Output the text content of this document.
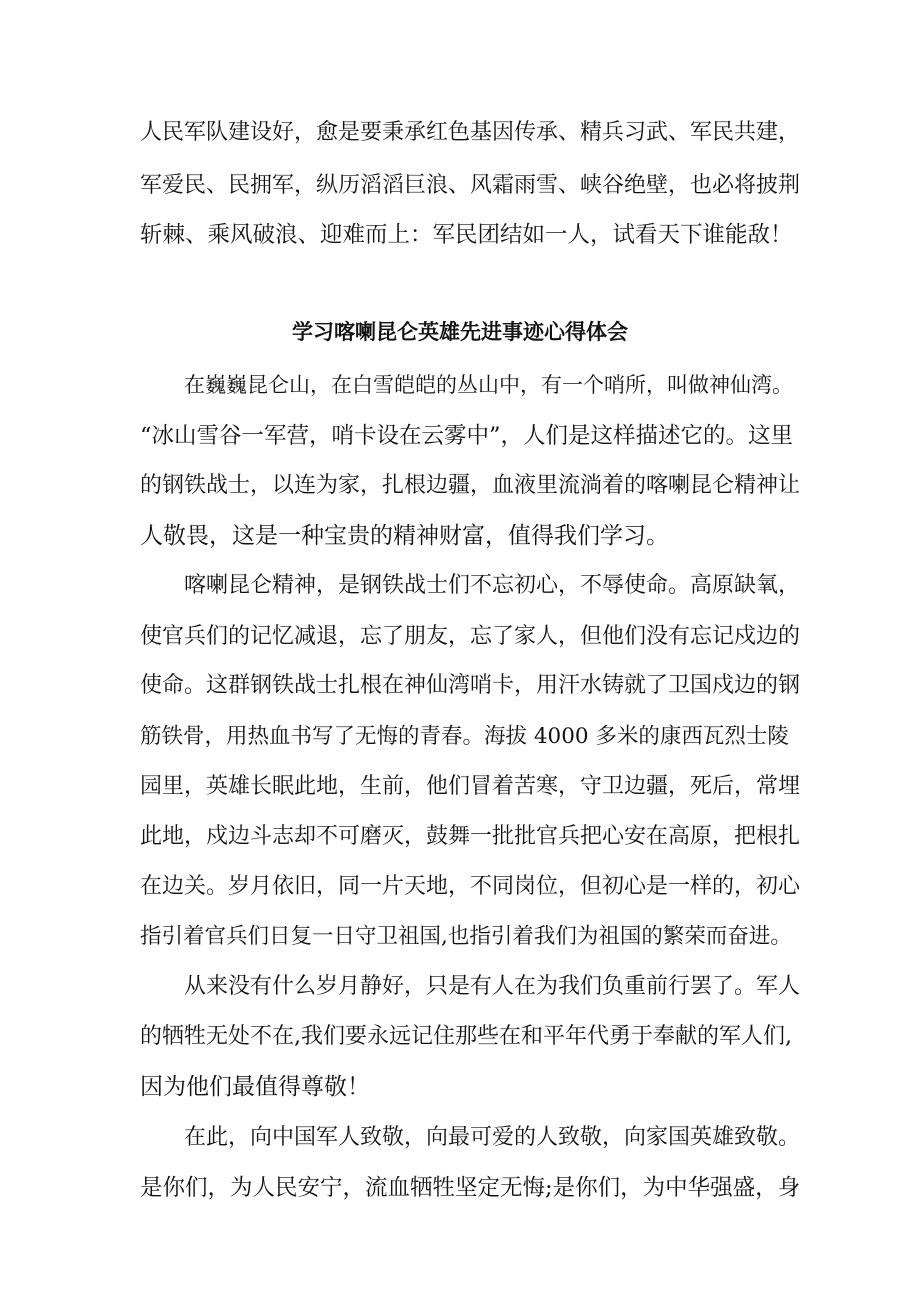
人民军队建设好，愈是要秉承红色基因传承、精兵习武、军民共建，
军爱民、民拥军，纵历滔滔巨浪、风霜雨雪、峡谷绝壁，也必将披荆
斩棘、乘风破浪、迎难而上：军民团结如一人，试看天下谁能敌！
学习喀喇昆仑英雄先进事迹心得体会
在巍巍昆仑山，在白雪皑皑的丛山中，有一个哨所，叫做神仙湾。
“冰山雪谷一军营，哨卡设在云雾中”，人们是这样描述它的。这里
的钢铁战士，以连为家，扎根边疆，血液里流淌着的喀喇昆仑精神让
人敬畏，这是一种宝贵的精神财富，值得我们学习。
喀喇昆仑精神，是钢铁战士们不忘初心，不辱使命。高原缺氧，
使官兵们的记忆减退，忘了朋友，忘了家人，但他们没有忘记戍边的
使命。这群钢铁战士扎根在神仙湾哨卡，用汗水铸就了卫国戍边的钢
筋铁骨，用热血书写了无悔的青春。海拔 4000 多米的康西瓦烈士陵
园里，英雄长眠此地，生前，他们冒着苦寒，守卫边疆，死后，常埋
此地，戍边斗志却不可磨灭，鼓舞一批批官兵把心安在高原，把根扎
在边关。岁月依旧，同一片天地，不同岗位，但初心是一样的，初心
指引着官兵们日复一日守卫祖国,也指引着我们为祖国的繁荣而奋进。
从来没有什么岁月静好，只是有人在为我们负重前行罢了。军人
的牺牲无处不在,我们要永远记住那些在和平年代勇于奉献的军人们,
因为他们最值得尊敬！
在此，向中国军人致敬，向最可爱的人致敬，向家国英雄致敬。
是你们，为人民安宁，流血牺牲坚定无悔;是你们，为中华强盛，身
